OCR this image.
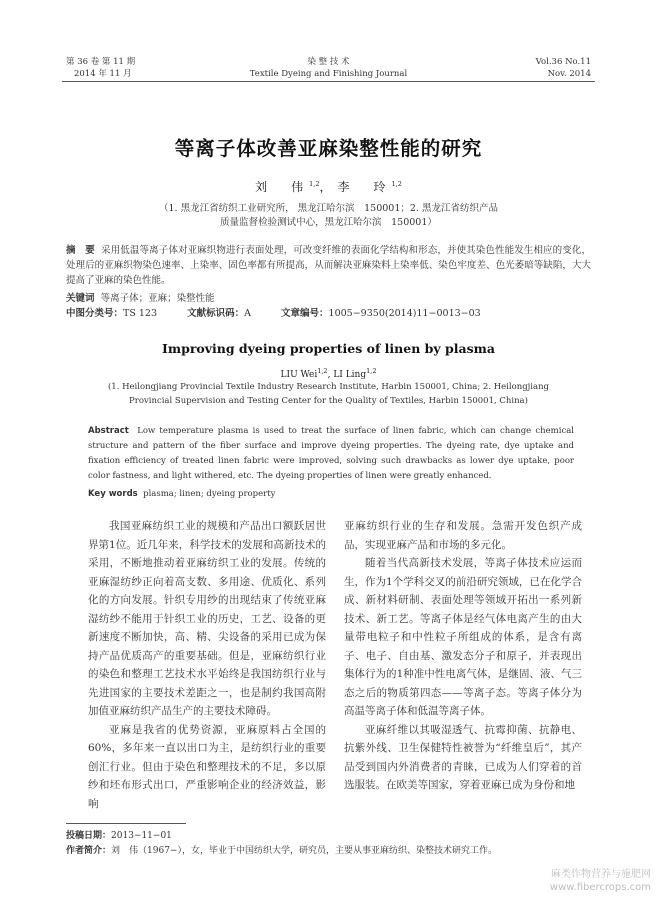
第 36 卷 第 11 期
2014 年 11 月
染 整 技 术
Textile Dyeing and Finishing Journal
Vol.36 No.11
Nov. 2014
等离子体改善亚麻染整性能的研究
刘　伟$^{1,2}$，李　玲$^{1,2}$
（1. 黑龙江省纺织工业研究所， 黑龙江哈尔滨　150001；2. 黑龙江省纺织产品
质量监督检验测试中心，黑龙江哈尔滨　150001）
摘　要 采用低温等离子体对亚麻织物进行表面处理，可改变纤维的表面化学结构和形态，并使其染色性能发生相应的变化，处理后的亚麻织物染色速率、上染率、固色率都有所提高，从而解决亚麻染料上染率低、染色牢度差、色光萎暗等缺陷，大大提高了亚麻的染色性能。
关键词 等离子体；亚麻；染整性能
中图分类号：TS 123	文献标识码：A	文章编号：1005−9350(2014)11−0013−03
Improving dyeing properties of linen by plasma
LIU Wei$^{1,2}$, LI Ling$^{1,2}$
(1. Heilongjiang Provincial Textile Industry Research Institute, Harbin 150001, China; 2. Heilongjiang
Provincial Supervision and Testing Center for the Quality of Textiles, Harbin 150001, China)
Abstract Low temperature plasma is used to treat the surface of linen fabric, which can change chemical structure and pattern of the fiber surface and improve dyeing properties. The dyeing rate, dye uptake and fixation efficiency of treated linen fabric were improved, solving such drawbacks as lower dye uptake, poor color fastness, and light withered, etc. The dyeing properties of linen were greatly enhanced.
Key words plasma; linen; dyeing property

我国亚麻纺织工业的规模和产品出口额跃居世界第1位。近几年来，科学技术的发展和高新技术的采用，不断地推动着亚麻纺织工业的发展。传统的亚麻湿纺纱正向着高支数、多用途、优质化、系列化的方向发展。针织专用纱的出现结束了传统亚麻湿纺纱不能用于针织工业的历史，工艺、设备的更新速度不断加快，高、精、尖设备的采用已成为保持产品优质高产的重要基础。但是，亚麻纺织行业的染色和整理工艺技术水平始终是我国纺织行业与先进国家的主要技术差距之一，也是制约我国高附加值亚麻纺织产品生产的主要技术障碍。

亚麻是我省的优势资源，亚麻原料占全国的60%，多年来一直以出口为主，是纺织行业的重要创汇行业。但由于染色和整理技术的不足，多以原纱和坯布形式出口，严重影响企业的经济效益，影响

亚麻纺织行业的生存和发展。急需开发色织产成品，实现亚麻产品和市场的多元化。

随着当代高新技术发展，等离子体技术应运而生，作为1个学科交叉的前沿研究领域，已在化学合成、新材料研制、表面处理等领域开拓出一系列新技术、新工艺。等离子体是经气体电离产生的由大量带电粒子和中性粒子所组成的体系，是含有离子、电子、自由基、激发态分子和原子，并表现出集体行为的1种准中性电离气体，是继固、液、气三态之后的物质第四态——等离子态。等离子体分为高温等离子体和低温等离子体。

亚麻纤维以其吸湿透气、抗霉抑菌、抗静电、抗紫外线、卫生保健特性被誉为“纤维皇后”，其产品受到国内外消费者的青睐，已成为人们穿着的首选服装。在欧美等国家，穿着亚麻已成为身份和地

投稿日期：2013−11−01
作者简介：刘　伟（1967−），女，毕业于中国纺织大学，研究员，主要从事亚麻纺织、染整技术研究工作。
麻类作物营养与施肥网
www.fibercrops.com
